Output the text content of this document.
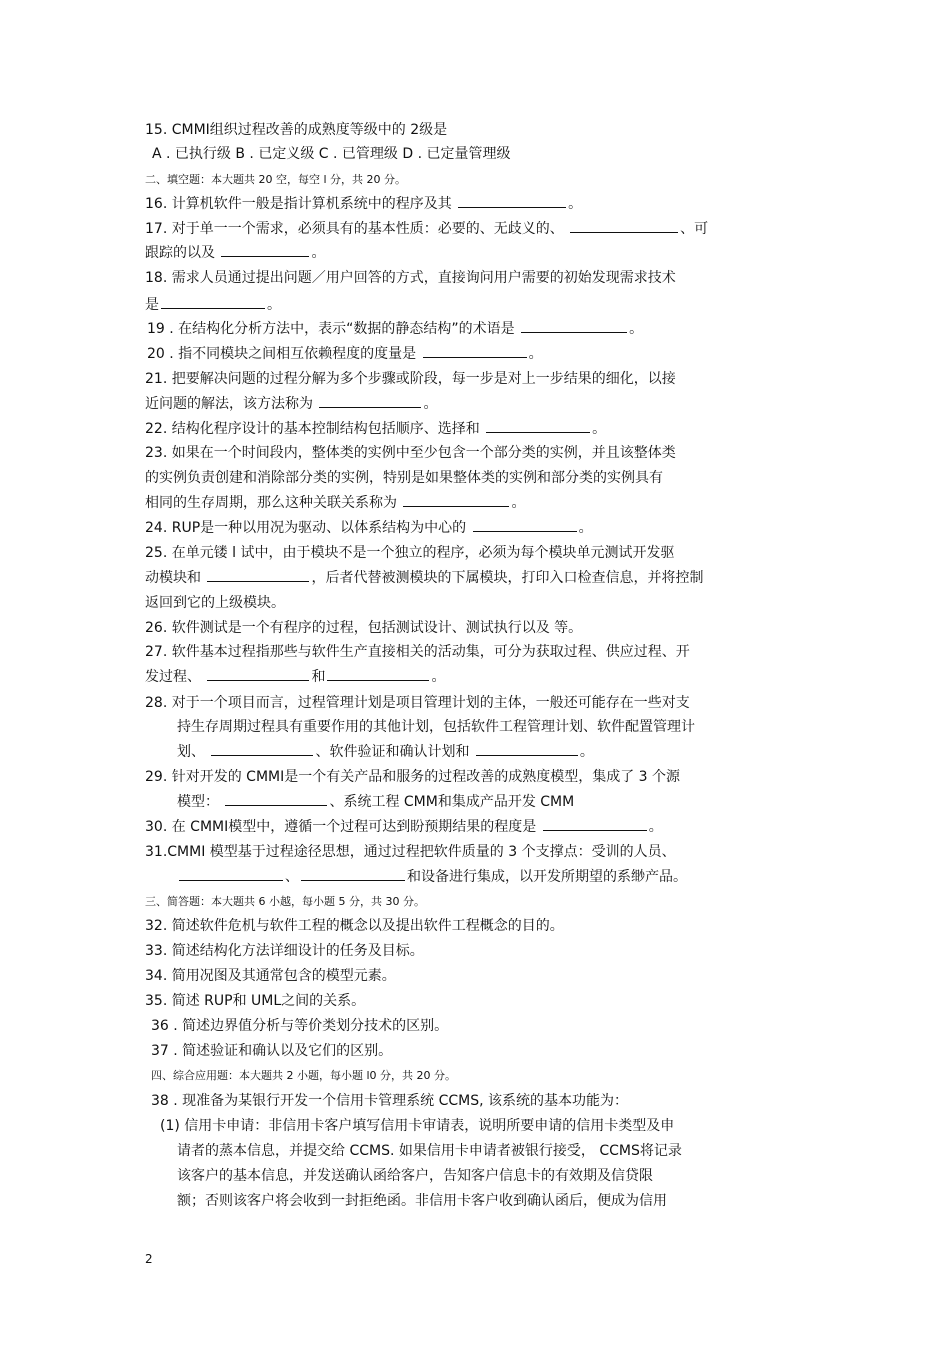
15. CMMI组织过程改善的成熟度等级中的 2级是
A . 已执行级 B . 已定义级 C . 已管理级 D . 已定量管理级
二、填空题：本大题共 20 空，每空 l 分，共 20 分。
16. 计算机软件一般是指计算机系统中的程序及其	。
17. 对于单一一个需求，必须具有的基本性质：必要的、无歧义的、	、可
跟踪的以及	。
18. 需求人员通过提出问题／用户回答的方式，直接询问用户需要的初始发现需求技术
是	。
19 . 在结构化分析方法中，表示“数据的静态结构”的术语是	。
20 . 指不同模块之间相互依赖程度的度量是	。
21. 把要解决问题的过程分解为多个步骤或阶段，每一步是对上一步结果的细化，以接
近问题的解法，该方法称为	。
22. 结构化程序设计的基本控制结构包括顺序、选择和	。
23. 如果在一个时间段内，整体类的实例中至少包含一个部分类的实例，并且该整体类
的实例负责创建和消除部分类的实例，特别是如果整体类的实例和部分类的实例具有
相同的生存周期，那么这种关联关系称为	。
24. RUP是一种以用况为驱动、以体系结构为中心的	。
25. 在单元镂 l 试中，由于模块不是一个独立的程序，必须为每个模块单元测试开发驱
动模块和	，后者代替被测模块的下属模块，打印入口检查信息，并将控制
返回到它的上级模块。
26. 软件测试是一个有程序的过程，包括测试设计、测试执行以及 等。
27. 软件基本过程指那些与软件生产直接相关的活动集，可分为获取过程、供应过程、开
发过程、	和	。
28. 对于一个项目而言，过程管理计划是项目管理计划的主体，一般还可能存在一些对支
持生存周期过程具有重要作用的其他计划，包括软件工程管理计划、软件配置管理计
划、	、软件验证和确认计划和	。
29. 针对开发的 CMMI是一个有关产品和服务的过程改善的成熟度模型，集成了 3 个源
模型：	、系统工程 CMM和集成产品开发 CMM
30. 在 CMMI模型中，遵循一个过程可达到盼预期结果的程度是	。
31.CMMI 模型基于过程途径思想，通过过程把软件质量的 3 个支撑点：受训的人员、
、	和设备进行集成，以开发所期望的系缈产品。
三、简答题：本大题共 6 小越，每小题 5 分，共 30 分。
32. 简述软件危机与软件工程的概念以及提出软件工程概念的目的。
33. 简述结构化方法详细设计的任务及目标。
34. 简用况图及其通常包含的模型元素。
35. 简述 RUP和 UML之间的关系。
36 . 简述边界值分析与等价类划分技术的区别。
37 . 简述验证和确认以及它们的区别。
四、综合应用题：本大题共 2 小题，每小题 l0 分，共 20 分。
38 . 现准备为某银行开发一个信用卡管理系统 CCMS, 该系统的基本功能为：
(1) 信用卡申请：非信用卡客户填写信用卡审请表，说明所要申请的信用卡类型及申
请者的蒸本信息，并提交给 CCMS. 如果信用卡申请者被银行接受， CCMS将记录
该客户的基本信息，并发送确认函给客户，告知客户信息卡的有效期及信贷限
额；否则该客户将会收到一封拒绝函。非信用卡客户收到确认函后，便成为信用
2
